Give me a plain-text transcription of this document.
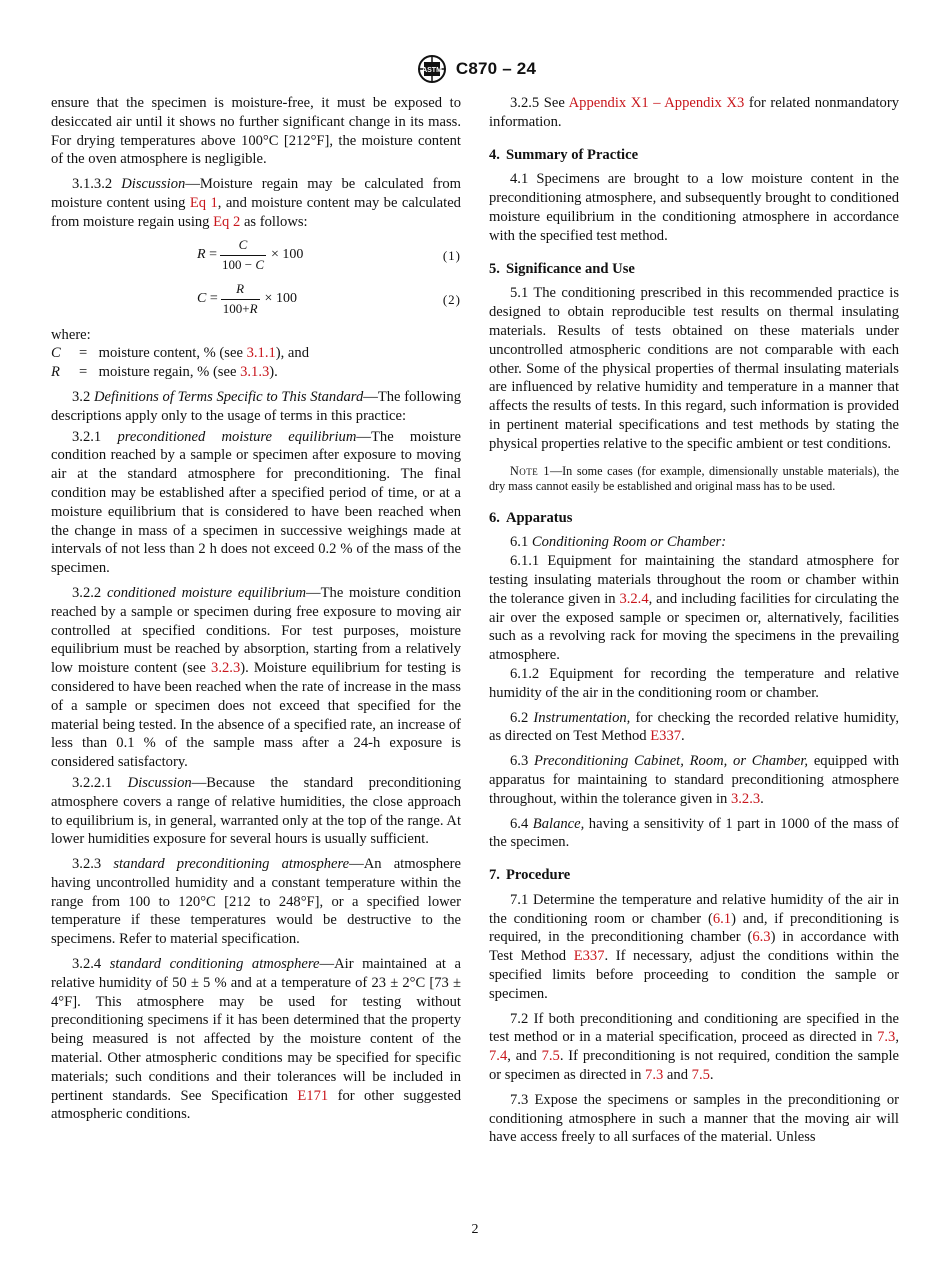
ASTM C870 – 24

ensure that the specimen is moisture-free, it must be exposed to desiccated air until it shows no further significant change in its mass. For drying temperatures above 100°C [212°F], the moisture content of the oven atmosphere is negligible.

3.1.3.2 Discussion—Moisture regain may be calculated from moisture content using Eq 1, and moisture content may be calculated from moisture regain using Eq 2 as follows:

R
= $\frac{C}{100 - C} \times 100$	(1)
C
= $\frac{R}{100+R} \times 100$	(2)

where:

C	= moisture content, % (see 3.1.1), and
R	= moisture regain, % (see 3.1.3).

3.2 Definitions of Terms Specific to This Standard—The following descriptions apply only to the usage of terms in this practice:

3.2.1 preconditioned moisture equilibrium—The moisture condition reached by a sample or specimen after exposure to moving air at the standard atmosphere for preconditioning. The final condition may be established after a specified period of time, or at a moisture equilibrium that is considered to have been reached when the change in mass of a specimen in successive weighings made at intervals of not less than 2 h does not exceed 0.2 % of the mass of the specimen.

3.2.2 conditioned moisture equilibrium—The moisture condition reached by a sample or specimen during free exposure to moving air controlled at specified conditions. For test purposes, moisture equilibrium must be reached by absorption, starting from a relatively low moisture content (see 3.2.3). Moisture equilibrium for testing is considered to have been reached when the rate of increase in the mass of a sample or specimen does not exceed that specified for the material being tested. In the absence of a specified rate, an increase of less than 0.1 % of the sample mass after a 24-h exposure is considered satisfactory.

3.2.2.1 Discussion—Because the standard preconditioning atmosphere covers a range of relative humidities, the close approach to equilibrium is, in general, warranted only at the top of the range. At lower humidities exposure for several hours is usually sufficient.

3.2.3 standard preconditioning atmosphere—An atmosphere having uncontrolled humidity and a constant temperature within the range from 100 to 120°C [212 to 248°F], or a specified lower temperature if these temperatures would be destructive to the specimens. Refer to material specification.

3.2.4 standard conditioning atmosphere—Air maintained at a relative humidity of 50 ± 5 % and at a temperature of 23 ± 2°C [73 ± 4°F]. This atmosphere may be used for testing without preconditioning specimens if it has been determined that the property being measured is not affected by the moisture content of the material. Other atmospheric conditions may be specified for specific materials; such conditions and their tolerances will be included in pertinent standards. See Specification E171 for other suggested atmospheric conditions.

3.2.5 See Appendix X1 – Appendix X3 for related nonmandatory information.

4. Summary of Practice

4.1 Specimens are brought to a low moisture content in the preconditioning atmosphere, and subsequently brought to conditioned moisture equilibrium in the conditioning atmosphere in accordance with the specified test method.

5. Significance and Use

5.1 The conditioning prescribed in this recommended practice is designed to obtain reproducible test results on thermal insulating materials. Results of tests obtained on these materials under uncontrolled atmospheric conditions are not comparable with each other. Some of the physical properties of thermal insulating materials are influenced by relative humidity and temperature in a manner that affects the results of tests. In this regard, such information is provided in pertinent material specifications and test methods by stating the physical properties relative to the specific ambient or test conditions.

Note 1—In some cases (for example, dimensionally unstable materials), the dry mass cannot easily be established and original mass has to be used.

6. Apparatus

6.1 Conditioning Room or Chamber:

6.1.1 Equipment for maintaining the standard atmosphere for testing insulating materials throughout the room or chamber within the tolerance given in 3.2.4, and including facilities for circulating the air over the exposed sample or specimen or, alternatively, facilities such as a revolving rack for moving the specimens in the prevailing atmosphere.

6.1.2 Equipment for recording the temperature and relative humidity of the air in the conditioning room or chamber.

6.2 Instrumentation, for checking the recorded relative humidity, as directed on Test Method E337.

6.3 Preconditioning Cabinet, Room, or Chamber, equipped with apparatus for maintaining to standard preconditioning atmosphere throughout, within the tolerance given in 3.2.3.

6.4 Balance, having a sensitivity of 1 part in 1000 of the mass of the specimen.

7. Procedure

7.1 Determine the temperature and relative humidity of the air in the conditioning room or chamber (6.1) and, if preconditioning is required, in the preconditioning chamber (6.3) in accordance with Test Method E337. If necessary, adjust the conditions within the specified limits before proceeding to condition the sample or specimen.

7.2 If both preconditioning and conditioning are specified in the test method or in a material specification, proceed as directed in 7.3, 7.4, and 7.5. If preconditioning is not required, condition the sample or specimen as directed in 7.3 and 7.5.

7.3 Expose the specimens or samples in the preconditioning or conditioning atmosphere in such a manner that the moving air will have access freely to all surfaces of the material. Unless

2
